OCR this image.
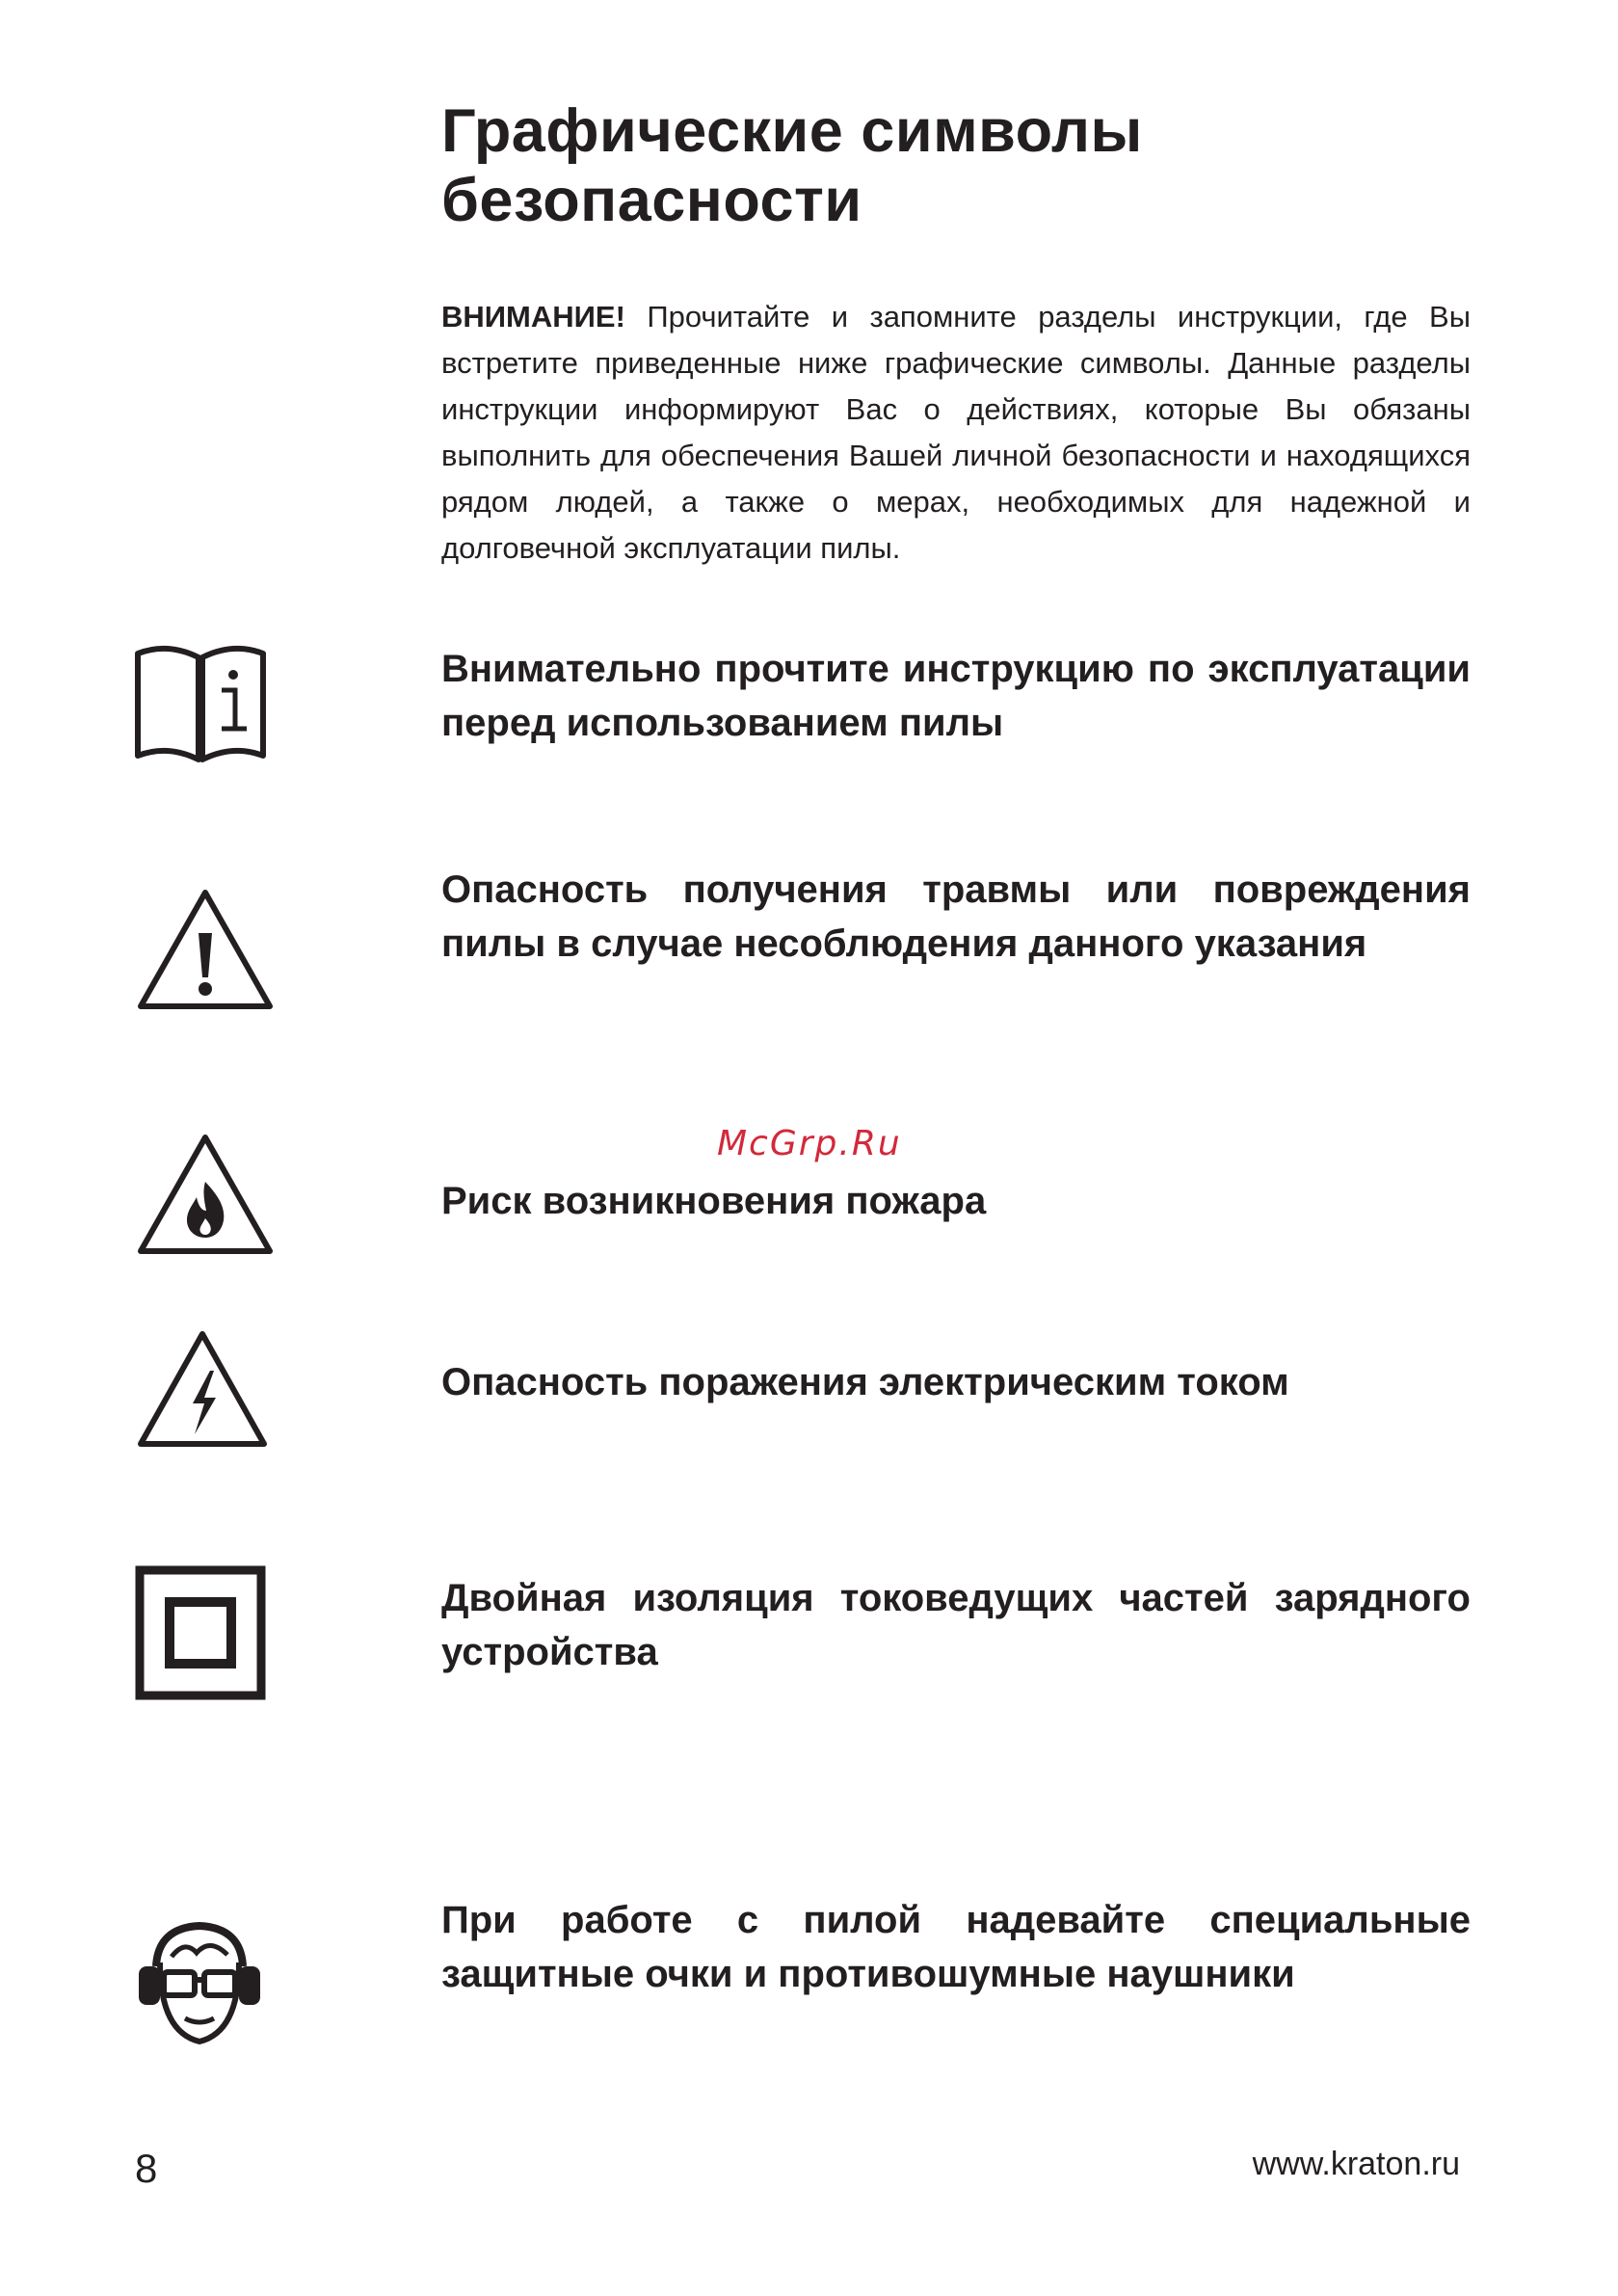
Графические символы безопасности

ВНИМАНИЕ! Прочитайте и запомните разделы инструкции, где Вы встретите приведенные ниже графические символы. Данные разделы инструкции информируют Вас о действиях, которые Вы обязаны выполнить для обеспечения Вашей личной безопасности и находящихся рядом людей, а также о мерах, необходимых для надежной и долговечной эксплуатации пилы.

Внимательно прочтите инструкцию по эксплуатации перед использованием пилы

Опасность получения травмы или повреждения пилы в случае несоблюдения данного указания

Риск возникновения пожара

Опасность поражения электрическим током

Двойная изоляция токоведущих частей зарядного устройства

При работе с пилой надевайте специальные защитные очки и противошумные наушники

McGrp.Ru
8	www.kraton.ru
